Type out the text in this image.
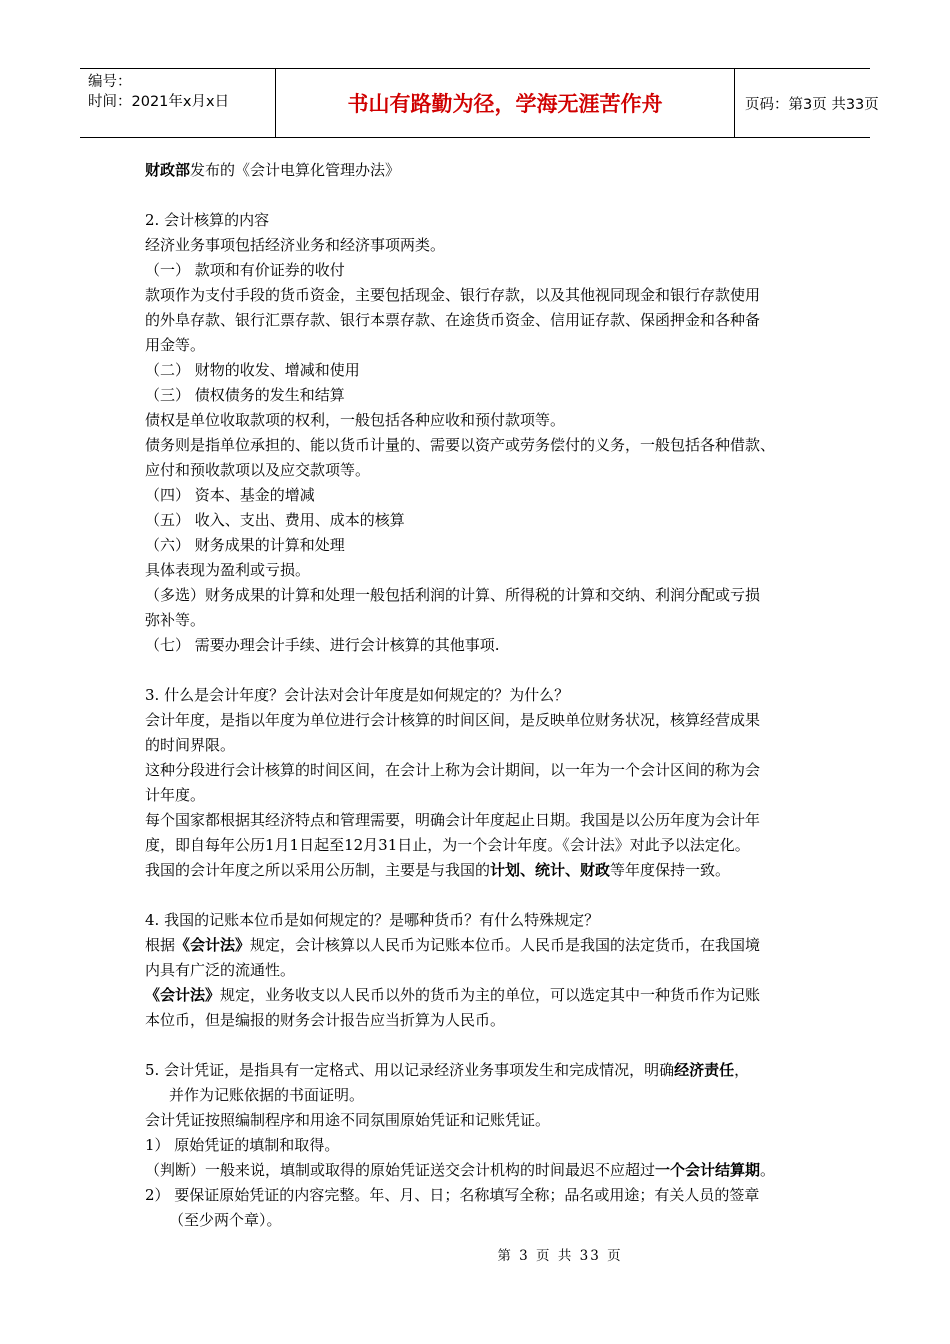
编号：
时间：2021年x月x日	书山有路勤为径，学海无涯苦作舟	页码：第3页 共33页
财政部发布的《会计电算化管理办法》
2. 会计核算的内容
经济业务事项包括经济业务和经济事项两类。
（一） 款项和有价证券的收付
款项作为支付手段的货币资金，主要包括现金、银行存款，以及其他视同现金和银行存款使用
的外阜存款、银行汇票存款、银行本票存款、在途货币资金、信用证存款、保函押金和各种备
用金等。
（二） 财物的收发、增减和使用
（三） 债权债务的发生和结算
债权是单位收取款项的权利，一般包括各种应收和预付款项等。
债务则是指单位承担的、能以货币计量的、需要以资产或劳务偿付的义务，一般包括各种借款、
应付和预收款项以及应交款项等。
（四） 资本、基金的增减
（五） 收入、支出、费用、成本的核算
（六） 财务成果的计算和处理
具体表现为盈利或亏损。
（多选）财务成果的计算和处理一般包括利润的计算、所得税的计算和交纳、利润分配或亏损
弥补等。
（七） 需要办理会计手续、进行会计核算的其他事项.
3. 什么是会计年度？会计法对会计年度是如何规定的？为什么？
会计年度，是指以年度为单位进行会计核算的时间区间，是反映单位财务状况，核算经营成果
的时间界限。
这种分段进行会计核算的时间区间，在会计上称为会计期间，以一年为一个会计区间的称为会
计年度。
每个国家都根据其经济特点和管理需要，明确会计年度起止日期。我国是以公历年度为会计年
度，即自每年公历1月1日起至12月31日止，为一个会计年度。《会计法》对此予以法定化。
我国的会计年度之所以采用公历制，主要是与我国的计划、统计、财政等年度保持一致。
4. 我国的记账本位币是如何规定的？是哪种货币？有什么特殊规定？
根据《会计法》规定，会计核算以人民币为记账本位币。人民币是我国的法定货币，在我国境
内具有广泛的流通性。
《会计法》规定，业务收支以人民币以外的货币为主的单位，可以选定其中一种货币作为记账
本位币，但是编报的财务会计报告应当折算为人民币。
5. 会计凭证，是指具有一定格式、用以记录经济业务事项发生和完成情况，明确经济责任，
并作为记账依据的书面证明。
会计凭证按照编制程序和用途不同氛围原始凭证和记账凭证。
1） 原始凭证的填制和取得。
（判断）一般来说，填制或取得的原始凭证送交会计机构的时间最迟不应超过一个会计结算期。
2） 要保证原始凭证的内容完整。年、月、日；名称填写全称；品名或用途；有关人员的签章
（至少两个章）。
第 3 页 共 33 页
